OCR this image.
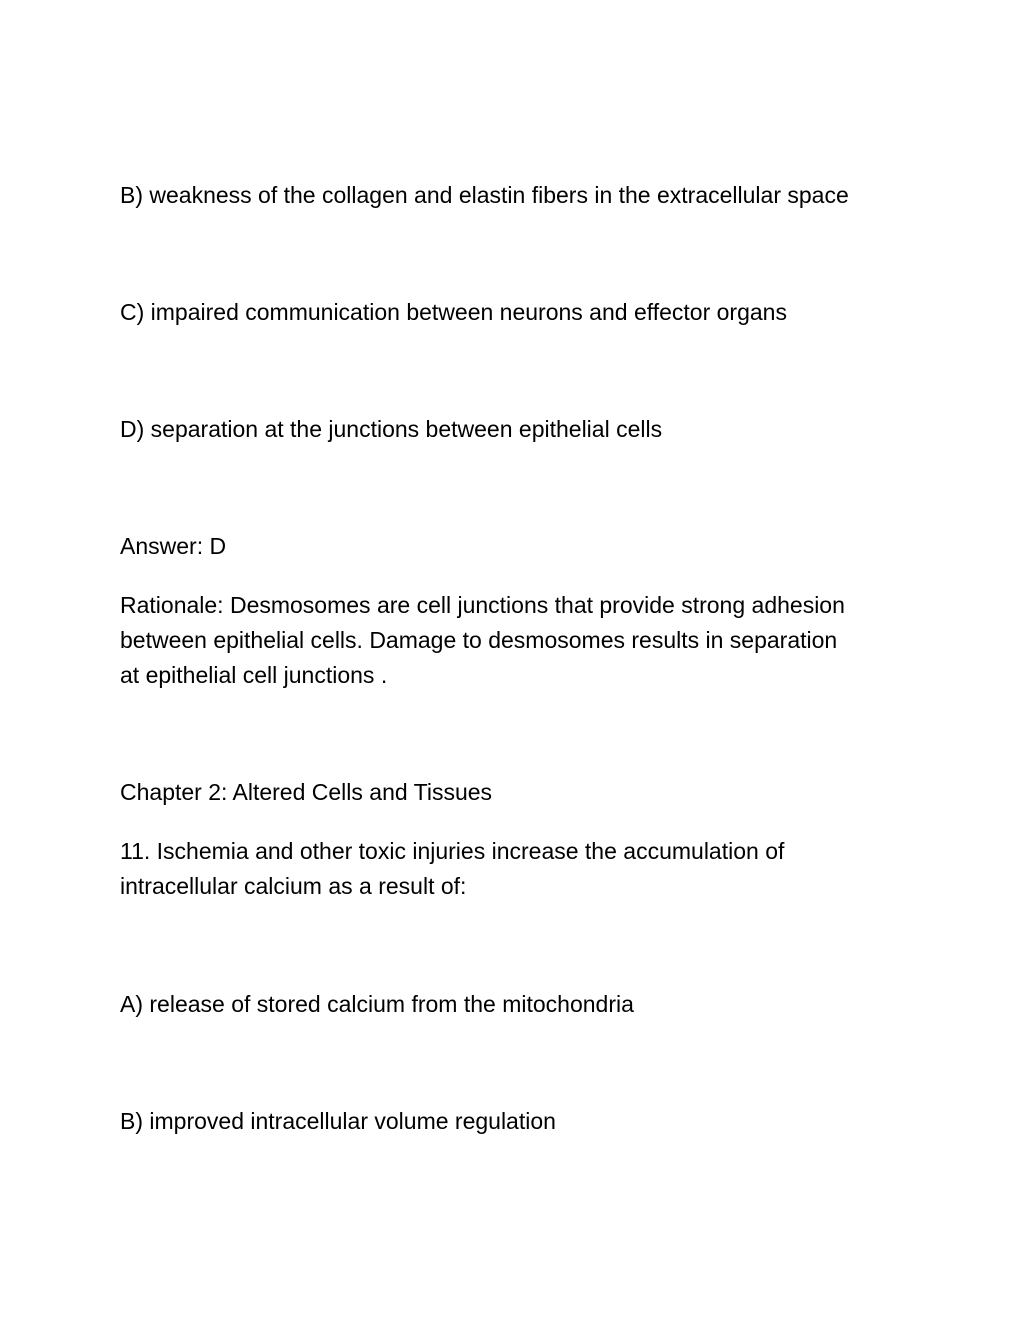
B) weakness of the collagen and elastin fibers in the extracellular space

C) impaired communication between neurons and effector organs

D) separation at the junctions between epithelial cells

Answer: D

Rationale: Desmosomes are cell junctions that provide strong adhesion
between epithelial cells. Damage to desmosomes results in separation
at epithelial cell junctions .

Chapter 2: Altered Cells and Tissues

11. Ischemia and other toxic injuries increase the accumulation of
intracellular calcium as a result of:

A) release of stored calcium from the mitochondria

B) improved intracellular volume regulation
